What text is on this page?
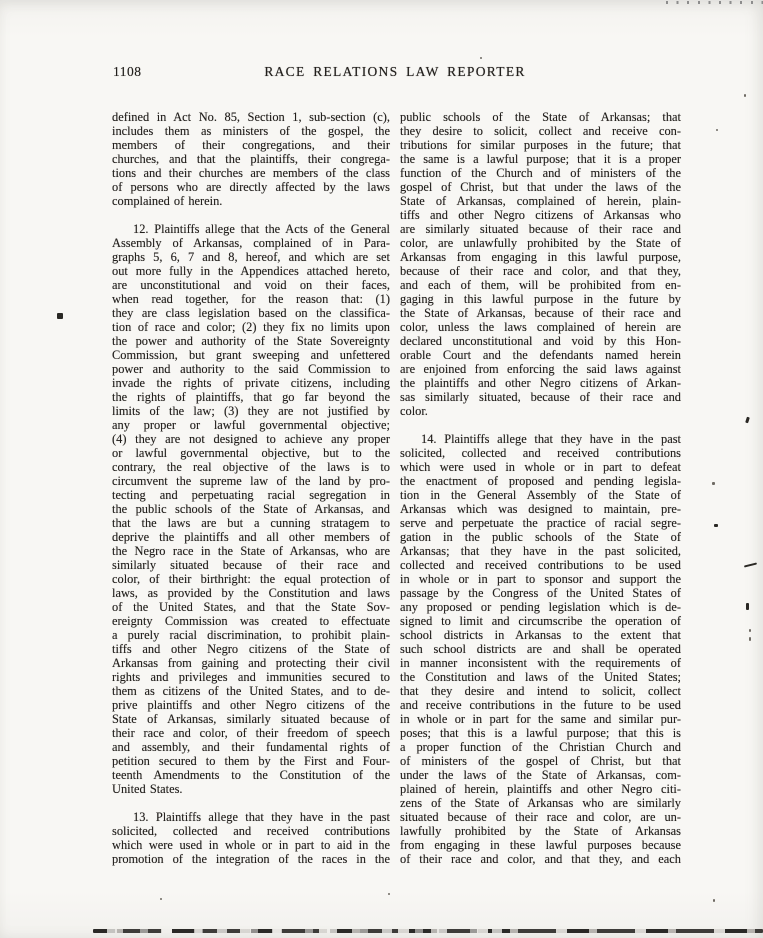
1108	RACE RELATIONS LAW REPORTER
defined in Act No. 85, Section 1, sub-section (c),
includes them as ministers of the gospel, the
members of their congregations, and their
churches, and that the plaintiffs, their congrega-
tions and their churches are members of the class
of persons who are directly affected by the laws
complained of herein.
12. Plaintiffs allege that the Acts of the General
Assembly of Arkansas, complained of in Para-
graphs 5, 6, 7 and 8, hereof, and which are set
out more fully in the Appendices attached hereto,
are unconstitutional and void on their faces,
when read together, for the reason that: (1)
they are class legislation based on the classifica-
tion of race and color; (2) they fix no limits upon
the power and authority of the State Sovereignty
Commission, but grant sweeping and unfettered
power and authority to the said Commission to
invade the rights of private citizens, including
the rights of plaintiffs, that go far beyond the
limits of the law; (3) they are not justified by
any proper or lawful governmental objective;
(4) they are not designed to achieve any proper
or lawful governmental objective, but to the
contrary, the real objective of the laws is to
circumvent the supreme law of the land by pro-
tecting and perpetuating racial segregation in
the public schools of the State of Arkansas, and
that the laws are but a cunning stratagem to
deprive the plaintiffs and all other members of
the Negro race in the State of Arkansas, who are
similarly situated because of their race and
color, of their birthright: the equal protection of
laws, as provided by the Constitution and laws
of the United States, and that the State Sov-
ereignty Commission was created to effectuate
a purely racial discrimination, to prohibit plain-
tiffs and other Negro citizens of the State of
Arkansas from gaining and protecting their civil
rights and privileges and immunities secured to
them as citizens of the United States, and to de-
prive plaintiffs and other Negro citizens of the
State of Arkansas, similarly situated because of
their race and color, of their freedom of speech
and assembly, and their fundamental rights of
petition secured to them by the First and Four-
teenth Amendments to the Constitution of the
United States.
13. Plaintiffs allege that they have in the past
solicited, collected and received contributions
which were used in whole or in part to aid in the
promotion of the integration of the races in the
public schools of the State of Arkansas; that
they desire to solicit, collect and receive con-
tributions for similar purposes in the future; that
the same is a lawful purpose; that it is a proper
function of the Church and of ministers of the
gospel of Christ, but that under the laws of the
State of Arkansas, complained of herein, plain-
tiffs and other Negro citizens of Arkansas who
are similarly situated because of their race and
color, are unlawfully prohibited by the State of
Arkansas from engaging in this lawful purpose,
because of their race and color, and that they,
and each of them, will be prohibited from en-
gaging in this lawful purpose in the future by
the State of Arkansas, because of their race and
color, unless the laws complained of herein are
declared unconstitutional and void by this Hon-
orable Court and the defendants named herein
are enjoined from enforcing the said laws against
the plaintiffs and other Negro citizens of Arkan-
sas similarly situated, because of their race and
color.
14. Plaintiffs allege that they have in the past
solicited, collected and received contributions
which were used in whole or in part to defeat
the enactment of proposed and pending legisla-
tion in the General Assembly of the State of
Arkansas which was designed to maintain, pre-
serve and perpetuate the practice of racial segre-
gation in the public schools of the State of
Arkansas; that they have in the past solicited,
collected and received contributions to be used
in whole or in part to sponsor and support the
passage by the Congress of the United States of
any proposed or pending legislation which is de-
signed to limit and circumscribe the operation of
school districts in Arkansas to the extent that
such school districts are and shall be operated
in manner inconsistent with the requirements of
the Constitution and laws of the United States;
that they desire and intend to solicit, collect
and receive contributions in the future to be used
in whole or in part for the same and similar pur-
poses; that this is a lawful purpose; that this is
a proper function of the Christian Church and
of ministers of the gospel of Christ, but that
under the laws of the State of Arkansas, com-
plained of herein, plaintiffs and other Negro citi-
zens of the State of Arkansas who are similarly
situated because of their race and color, are un-
lawfully prohibited by the State of Arkansas
from engaging in these lawful purposes because
of their race and color, and that they, and each
